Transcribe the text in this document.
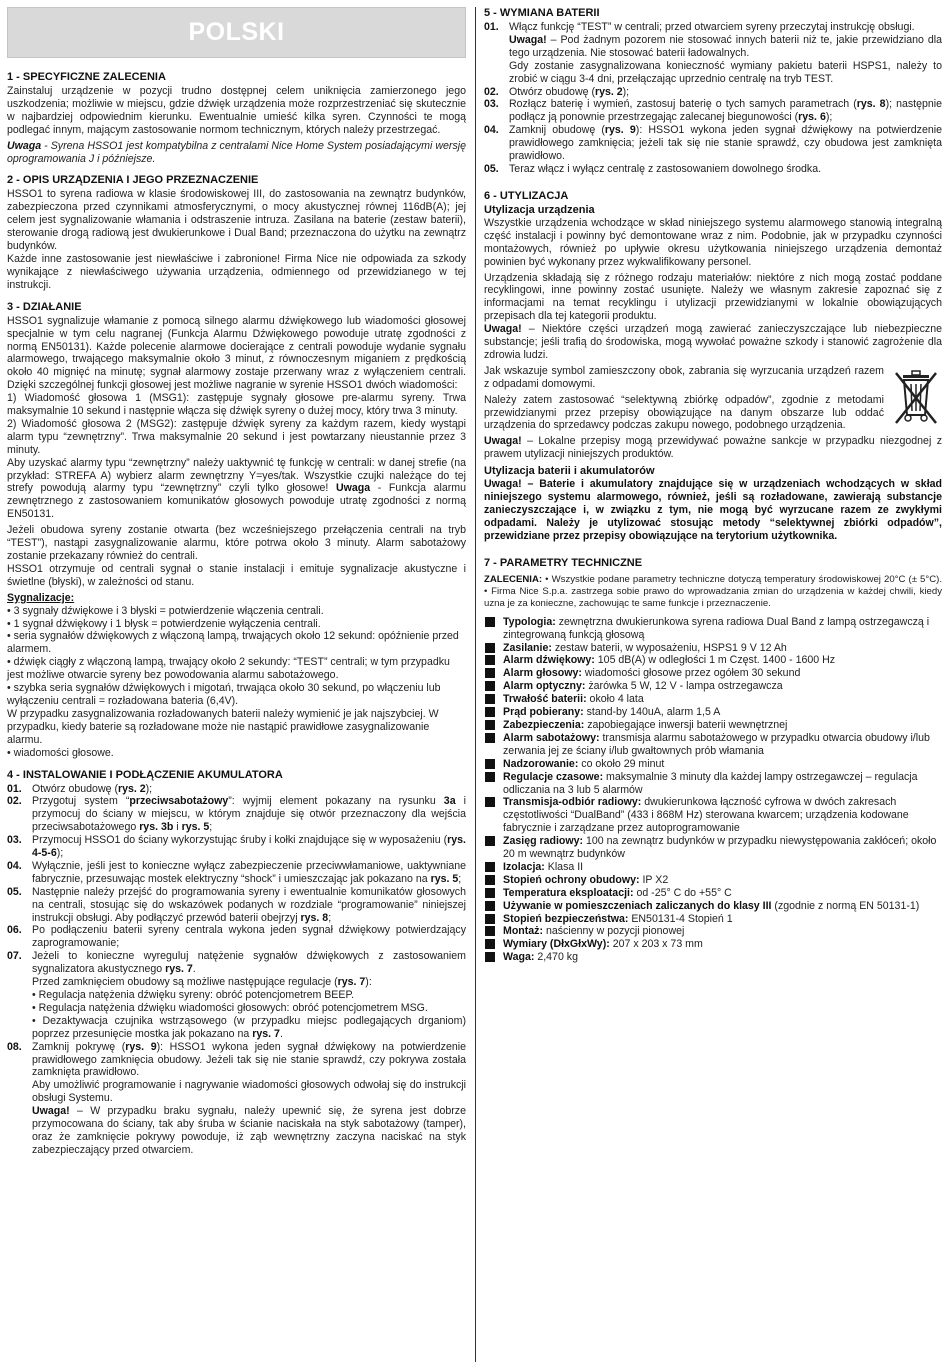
POLSKI
1 - SPECYFICZNE ZALECENIA

Zainstaluj urządzenie w pozycji trudno dostępnej celem uniknięcia zamierzonego jego uszkodzenia; możliwie w miejscu, gdzie dźwięk urządzenia może rozprzestrzeniać się skutecznie w najbardziej odpowiednim kierunku. Ewentualnie umieść kilka syren. Czynności te mogą podlegać innym, mającym zastosowanie normom technicznym, których należy przestrzegać.

Uwaga - Syrena HSSO1 jest kompatybilna z centralami Nice Home System posiadającymi wersję oprogramowania J i późniejsze.

2 - OPIS URZĄDZENIA I JEGO PRZEZNACZENIE

HSSO1 to syrena radiowa w klasie środowiskowej III, do zastosowania na zewnątrz budynków, zabezpieczona przed czynnikami atmosferycznymi, o mocy akustycznej równej 116dB(A); jej celem jest sygnalizowanie włamania i odstraszenie intruza. Zasilana na baterie (zestaw baterii), sterowanie drogą radiową jest dwukierunkowe i Dual Band; przeznaczona do użytku na zewnątrz budynków.

Każde inne zastosowanie jest niewłaściwe i zabronione! Firma Nice nie odpowiada za szkody wynikające z niewłaściwego używania urządzenia, odmiennego od przewidzianego w tej instrukcji.

3 - DZIAŁANIE

HSSO1 sygnalizuje włamanie z pomocą silnego alarmu dźwiękowego lub wiadomości głosowej specjalnie w tym celu nagranej (Funkcja Alarmu Dźwiękowego powoduje utratę zgodności z normą EN50131). Każde polecenie alarmowe docierające z centrali powoduje wydanie sygnału alarmowego, trwającego maksymalnie około 3 minut, z równoczesnym miganiem z prędkością około 40 mignięć na minutę; sygnał alarmowy zostaje przerwany wraz z wyłączeniem centrali. Dzięki szczególnej funkcji głosowej jest możliwe nagranie w syrenie HSSO1 dwóch wiadomości:

1) Wiadomość głosowa 1 (MSG1): zastępuje sygnały głosowe pre-alarmu syreny. Trwa maksymalnie 10 sekund i następnie włącza się dźwięk syreny o dużej mocy, który trwa 3 minuty.

2) Wiadomość głosowa 2 (MSG2): zastępuje dźwięk syreny za każdym razem, kiedy wystąpi alarm typu “zewnętrzny”. Trwa maksymalnie 20 sekund i jest powtarzany nieustannie przez 3 minuty.

Aby uzyskać alarmy typu “zewnętrzny” należy uaktywnić tę funkcję w centrali: w danej strefie (na przykład: STREFA A) wybierz alarm zewnętrzny Y=yes/tak. Wszystkie czujki należące do tej strefy powodują alarmy typu “zewnętrzny” czyli tylko głosowe! Uwaga - Funkcja alarmu zewnętrznego z zastosowaniem komunikatów głosowych powoduje utratę zgodności z normą EN50131.

Jeżeli obudowa syreny zostanie otwarta (bez wcześniejszego przełączenia centrali na tryb “TEST”), nastąpi zasygnalizowanie alarmu, które potrwa około 3 minuty. Alarm sabotażowy zostanie przekazany również do centrali.

HSSO1 otrzymuje od centrali sygnał o stanie instalacji i emituje sygnalizacje akustyczne i świetlne (błyski), w zależności od stanu.

Sygnalizacje:
• 3 sygnały dźwiękowe i 3 błyski = potwierdzenie włączenia centrali.
• 1 sygnał dźwiękowy i 1 błysk = potwierdzenie wyłączenia centrali.
• seria sygnałów dźwiękowych z włączoną lampą, trwających około 12 sekund: opóźnienie przed alarmem.
• dźwięk ciągły z włączoną lampą, trwający około 2 sekundy: “TEST” centrali; w tym przypadku jest możliwe otwarcie syreny bez powodowania alarmu sabotażowego.
• szybka seria sygnałów dźwiękowych i migotań, trwająca około 30 sekund, po włączeniu lub wyłączeniu centrali = rozładowana bateria (6,4V).
W przypadku zasygnalizowania rozładowanych baterii należy wymienić je jak najszybciej. W przypadku, kiedy baterie są rozładowane może nie nastąpić prawidłowe zasygnalizowanie alarmu.
• wiadomości głosowe.
4 - INSTALOWANIE I PODŁĄCZENIE AKUMULATORA
01. Otwórz obudowę (rys. 2);
02. Przygotuj system “przeciwsabotażowy”: wyjmij element pokazany na rysunku 3a i przymocuj do ściany w miejscu, w którym znajduje się otwór przeznaczony dla wejścia przeciwsabotażowego rys. 3b i rys. 5;
03. Przymocuj HSSO1 do ściany wykorzystując śruby i kołki znajdujące się w wyposażeniu (rys. 4-5-6);
04. Wyłącznie, jeśli jest to konieczne wyłącz zabezpieczenie przeciwwłamaniowe, uaktywniane fabrycznie, przesuwając mostek elektryczny “shock” i umieszczając jak pokazano na rys. 5;
05. Następnie należy przejść do programowania syreny i ewentualnie komunikatów głosowych na centrali, stosując się do wskazówek podanych w rozdziale “programowanie” niniejszej instrukcji obsługi. Aby podłączyć przewód baterii obejrzyj rys. 8;
06. Po podłączeniu baterii syreny centrala wykona jeden sygnał dźwiękowy potwierdzający zaprogramowanie;
07. Jeżeli to konieczne wyreguluj natężenie sygnałów dźwiękowych z zastosowaniem sygnalizatora akustycznego rys. 7.
Przed zamknięciem obudowy są możliwe następujące regulacje (rys. 7):
• Regulacja natężenia dźwięku syreny: obróć potencjometrem BEEP.
• Regulacja natężenia dźwięku wiadomości głosowych: obróć potencjometrem MSG.
• Dezaktywacja czujnika wstrząsowego (w przypadku miejsc podlegających drganiom) poprzez przesunięcie mostka jak pokazano na rys. 7.
08. Zamknij pokrywę (rys. 9): HSSO1 wykona jeden sygnał dźwiękowy na potwierdzenie prawidłowego zamknięcia obudowy. Jeżeli tak się nie stanie sprawdź, czy pokrywa została zamknięta prawidłowo.
Aby umożliwić programowanie i nagrywanie wiadomości głosowych odwołaj się do instrukcji obsługi Systemu.
Uwaga! – W przypadku braku sygnału, należy upewnić się, że syrena jest dobrze przymocowana do ściany, tak aby śruba w ścianie naciskała na styk sabotażowy (tamper), oraz że zamknięcie pokrywy powoduje, iż ząb wewnętrzny zaczyna naciskać na styk zabezpieczający przed otwarciem.
5 - WYMIANA BATERII
01. Włącz funkcję “TEST” w centrali; przed otwarciem syreny przeczytaj instrukcję obsługi.
Uwaga! – Pod żadnym pozorem nie stosować innych baterii niż te, jakie przewidziano dla tego urządzenia. Nie stosować baterii ładowalnych.
Gdy zostanie zasygnalizowana konieczność wymiany pakietu baterii HSPS1, należy to zrobić w ciągu 3-4 dni, przełączając uprzednio centralę na tryb TEST.
02. Otwórz obudowę (rys. 2);
03. Rozłącz baterię i wymień, zastosuj baterię o tych samych parametrach (rys. 8); następnie podłącz ją ponownie przestrzegając zalecanej biegunowości (rys. 6);
04. Zamknij obudowę (rys. 9): HSSO1 wykona jeden sygnał dźwiękowy na potwierdzenie prawidłowego zamknięcia; jeżeli tak się nie stanie sprawdź, czy obudowa jest zamknięta prawidłowo.
05. Teraz włącz i wyłącz centralę z zastosowaniem dowolnego środka.
6 - UTYLIZACJA
Utylizacja urządzenia

Wszystkie urządzenia wchodzące w skład niniejszego systemu alarmowego stanowią integralną część instalacji i powinny być demontowane wraz z nim. Podobnie, jak w przypadku czynności montażowych, również po upływie okresu użytkowania niniejszego urządzenia demontaż powinien być wykonany przez wykwalifikowany personel.

Urządzenia składają się z różnego rodzaju materiałów: niektóre z nich mogą zostać poddane recyklingowi, inne powinny zostać usunięte. Należy we własnym zakresie zapoznać się z informacjami na temat recyklingu i utylizacji przewidzianymi w lokalnie obowiązujących przepisach dla tej kategorii produktu.

Uwaga! – Niektóre części urządzeń mogą zawierać zanieczyszczające lub niebezpieczne substancje; jeśli trafią do środowiska, mogą wywołać poważne szkody i stanowić zagrożenie dla zdrowia ludzi.

Jak wskazuje symbol zamieszczony obok, zabrania się wyrzucania urządzeń razem z odpadami domowymi.

Należy zatem zastosować “selektywną zbiórkę odpadów”, zgodnie z metodami przewidzianymi przez przepisy obowiązujące na danym obszarze lub oddać urządzenia do sprzedawcy podczas zakupu nowego, podobnego urządzenia.

Uwaga! – Lokalne przepisy mogą przewidywać poważne sankcje w przypadku niezgodnej z prawem utylizacji niniejszych produktów.

Utylizacja baterii i akumulatorów

Uwaga! – Baterie i akumulatory znajdujące się w urządzeniach wchodzących w skład niniejszego systemu alarmowego, również, jeśli są rozładowane, zawierają substancje zanieczyszczające i, w związku z tym, nie mogą być wyrzucane razem ze zwykłymi odpadami. Należy je utylizować stosując metody “selektywnej zbiórki odpadów”, przewidziane przez przepisy obowiązujące na terytorium użytkownika.

7 - PARAMETRY TECHNICZNE

ZALECENIA: • Wszystkie podane parametry techniczne dotyczą temperatury środowiskowej 20°C (± 5°C). • Firma Nice S.p.a. zastrzega sobie prawo do wprowadzania zmian do urządzenia w każdej chwili, kiedy uzna je za konieczne, zachowując te same funkcje i przeznaczenie.

Typologia: zewnętrzna dwukierunkowa syrena radiowa Dual Band z lampą ostrzegawczą i zintegrowaną funkcją głosową
Zasilanie: zestaw baterii, w wyposażeniu, HSPS1 9 V 12 Ah
Alarm dźwiękowy: 105 dB(A) w odległości 1 m Częst. 1400 - 1600 Hz
Alarm głosowy: wiadomości głosowe przez ogółem 30 sekund
Alarm optyczny: żarówka 5 W, 12 V - lampa ostrzegawcza
Trwałość baterii: około 4 lata
Prąd pobierany: stand-by 140uA, alarm 1,5 A
Zabezpieczenia: zapobiegające inwersji baterii wewnętrznej
Alarm sabotażowy: transmisja alarmu sabotażowego w przypadku otwarcia obudowy i/lub zerwania jej ze ściany i/lub gwałtownych prób włamania
Nadzorowanie: co około 29 minut
Regulacje czasowe: maksymalnie 3 minuty dla każdej lampy ostrzegawczej – regulacja odliczania na 3 lub 5 alarmów
Transmisja-odbiór radiowy: dwukierunkowa łączność cyfrowa w dwóch zakresach częstotliwości “DualBand” (433 i 868M Hz) sterowana kwarcem; urządzenia kodowane fabrycznie i zarządzane przez autoprogramowanie
Zasięg radiowy: 100 na zewnątrz budynków w przypadku niewystępowania zakłóceń; około 20 m wewnątrz budynków
Izolacja: Klasa II
Stopień ochrony obudowy: IP X2
Temperatura eksploatacji: od -25° C do +55° C
Używanie w pomieszczeniach zaliczanych do klasy III (zgodnie z normą EN 50131-1)
Stopień bezpieczeństwa: EN50131-4 Stopień 1
Montaż: naścienny w pozycji pionowej
Wymiary (DłxGłxWy): 207 x 203 x 73 mm
Waga: 2,470 kg
